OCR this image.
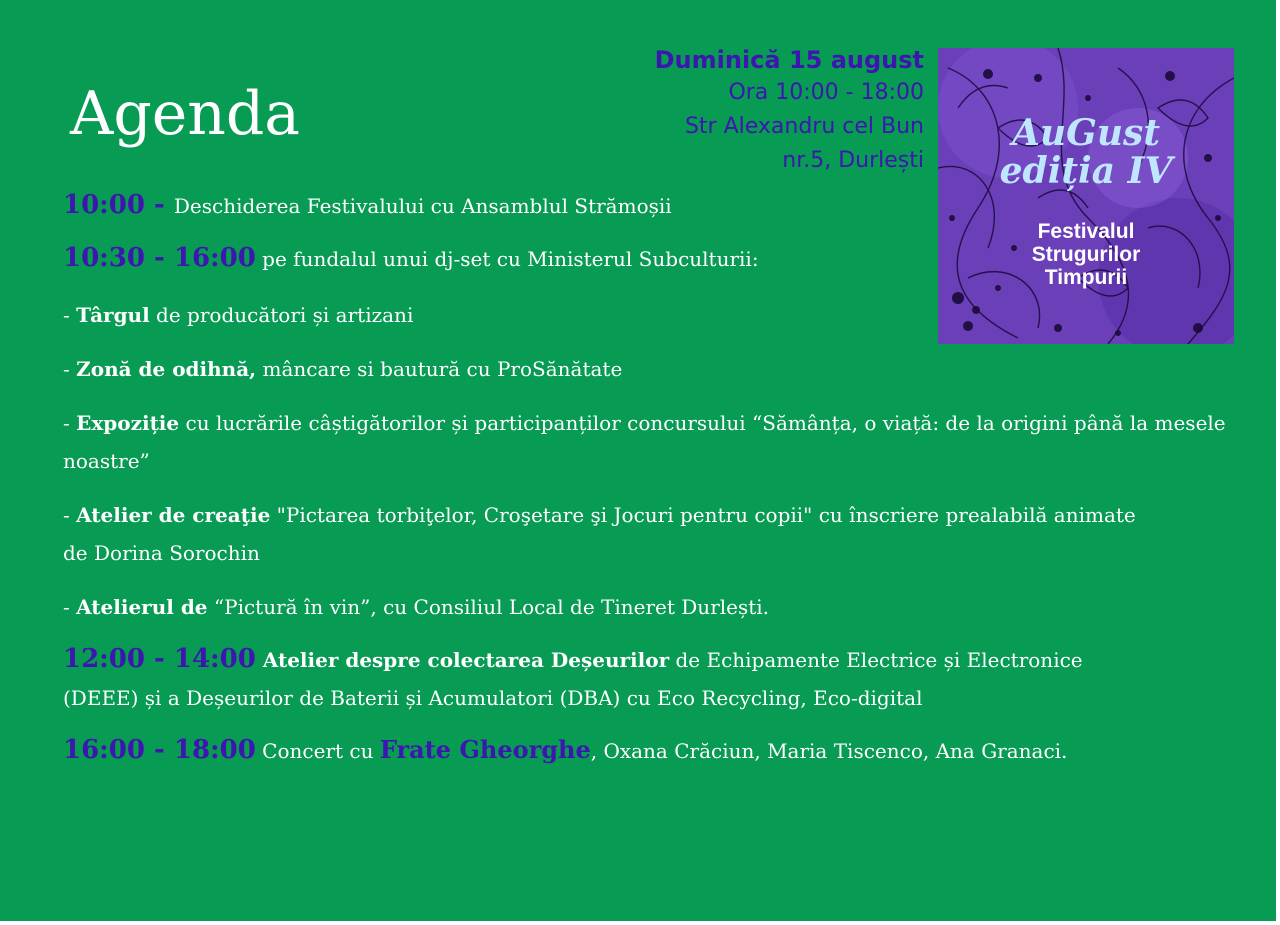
Agenda
Duminică 15 august
Ora 10:00 - 18:00
Str Alexandru cel Bun
nr.5, Durlești
AuGust
ediția IV
Festivalul
Strugurilor
Timpurii

10:00 - Deschiderea Festivalului cu Ansamblul Strămoșii

10:30 - 16:00 pe fundalul unui dj-set cu Ministerul Subculturii:

- Târgul de producători și artizani

- Zonă de odihnă, mâncare si bautură cu ProSănătate

- Expoziție cu lucrările câștigătorilor și participanților concursului “Sămânța, o viață: de la origini până la mesele noastre”

- Atelier de creaţie "Pictarea torbiţelor, Croşetare şi Jocuri pentru copii" cu înscriere prealabilă animate de Dorina Sorochin

- Atelierul de “Pictură în vin”, cu Consiliul Local de Tineret Durlești.

12:00 - 14:00 Atelier despre colectarea Deșeurilor de Echipamente Electrice și Electronice (DEEE) și a Deșeurilor de Baterii și Acumulatori (DBA) cu Eco Recycling, Eco-digital

16:00 - 18:00 Concert cu Frate Gheorghe, Oxana Crăciun, Maria Tiscenco, Ana Granaci.
